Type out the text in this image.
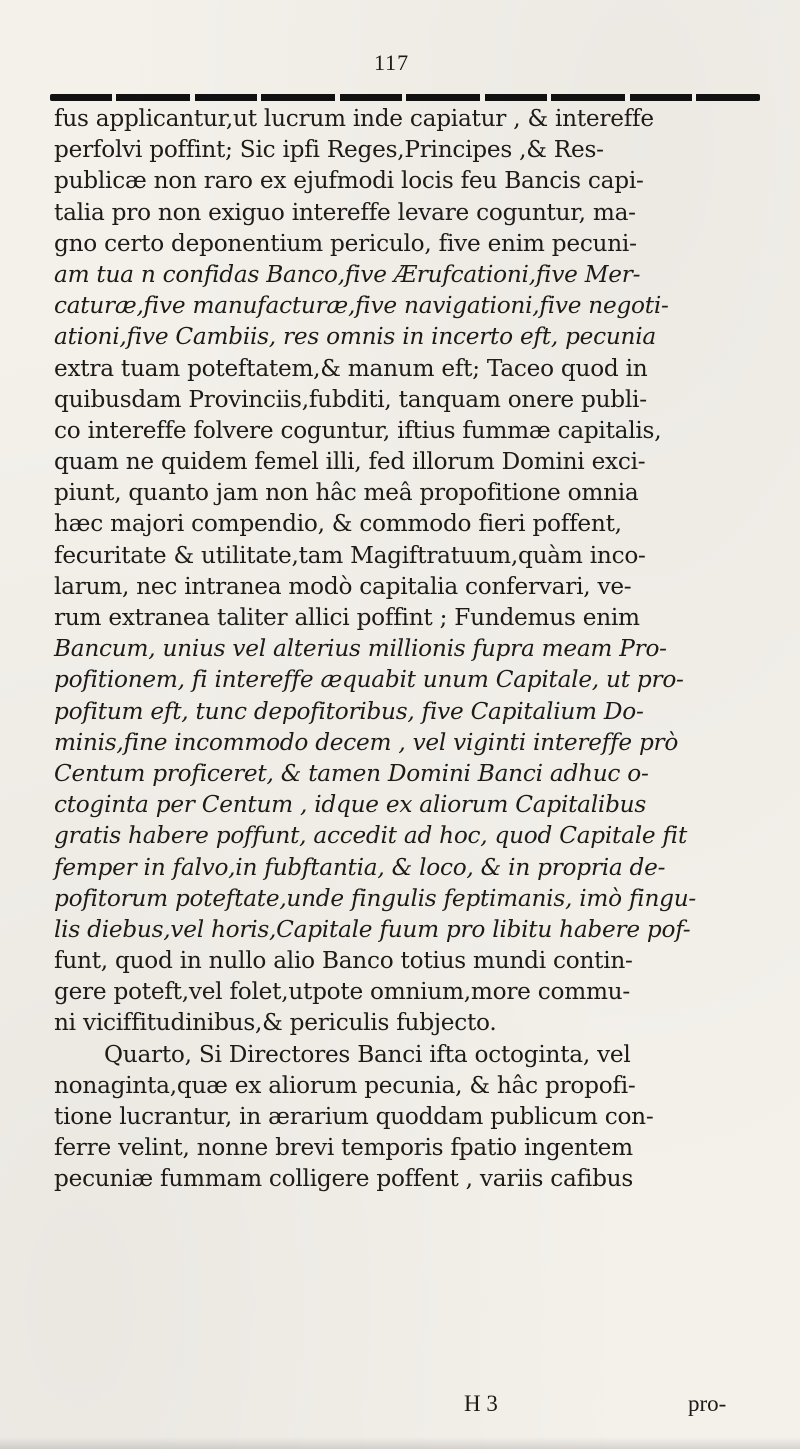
117
fus applicantur,ut lucrum inde capiatur , & intereffe
perfolvi poffint; Sic ipfi Reges,Principes ,& Res-
publicæ non raro ex ejufmodi locis feu Bancis capi-
talia pro non exiguo intereffe levare coguntur, ma-
gno certo deponentium periculo, five enim pecuni-
am tua n confidas Banco,five Ærufcationi,five Mer-
caturæ,five manufacturæ,five navigationi,five negoti-
ationi,five Cambiis, res omnis in incerto eft, pecunia
extra tuam poteftatem,& manum eft; Taceo quod in
quibusdam Provinciis,fubditi, tanquam onere publi-
co intereffe folvere coguntur, iftius fummæ capitalis,
quam ne quidem femel illi, fed illorum Domini exci-
piunt, quanto jam non hâc meâ propofitione omnia
hæc majori compendio, & commodo fieri poffent,
fecuritate & utilitate,tam Magiftratuum,quàm inco-
larum, nec intranea modò capitalia confervari, ve-
rum extranea taliter allici poffint ; Fundemus enim
Bancum, unius vel alterius millionis fupra meam Pro-
pofitionem, fi intereffe æquabit unum Capitale, ut pro-
pofitum eft, tunc depofitoribus, five Capitalium Do-
minis,fine incommodo decem , vel viginti intereffe prò
Centum proficeret, & tamen Domini Banci adhuc o-
ctoginta per Centum , idque ex aliorum Capitalibus
gratis habere poffunt, accedit ad hoc, quod Capitale fit
femper in falvo,in fubftantia, & loco, & in propria de-
pofitorum poteftate,unde fingulis feptimanis, imò fingu-
lis diebus,vel horis,Capitale fuum pro libitu habere pof-
funt, quod in nullo alio Banco totius mundi contin-
gere poteft,vel folet,utpote omnium,more commu-
ni viciffitudinibus,& periculis fubjecto.
Quarto, Si Directores Banci ifta octoginta, vel
nonaginta,quæ ex aliorum pecunia, & hâc propofi-
tione lucrantur, in ærarium quoddam publicum con-
ferre velint, nonne brevi temporis fpatio ingentem
pecuniæ fummam colligere poffent , variis cafibus
H 3	pro-
